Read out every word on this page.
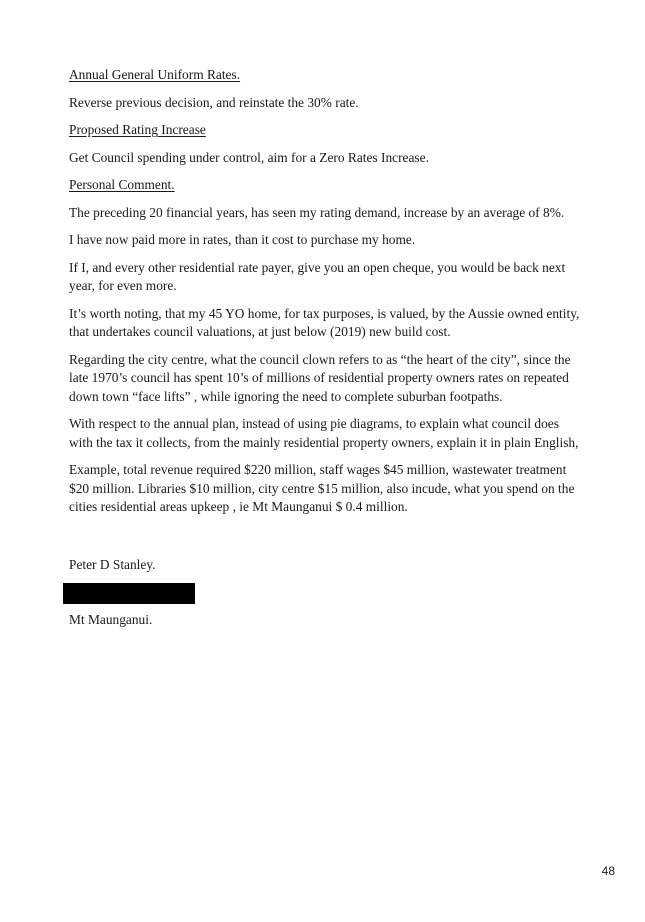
Annual General Uniform Rates.

Reverse previous decision, and reinstate the 30% rate.

Proposed Rating Increase

Get Council spending under control, aim for a Zero Rates Increase.

Personal Comment.

The preceding 20 financial years, has seen my rating demand, increase by an average of 8%.

I have now paid more in rates, than it cost to purchase my home.

If I, and every other residential rate payer, give you an open cheque, you would be back next year, for even more.

It’s worth noting, that my 45 YO home, for tax purposes, is valued, by the Aussie owned entity, that undertakes council valuations, at just below (2019) new build cost.

Regarding the city centre, what the council clown refers to as “the heart of the city”, since the late 1970’s council has spent 10’s of millions of residential property owners rates on repeated down town “face lifts” , while ignoring the need to complete suburban footpaths.

With respect to the annual plan, instead of using pie diagrams, to explain what council does with the tax it collects, from the mainly residential property owners, explain it in plain English,

Example, total revenue required $220 million, staff wages $45 million, wastewater treatment $20 million. Libraries $10 million, city centre $15 million, also incude, what you spend on the cities residential areas upkeep , ie Mt Maunganui $ 0.4 million.

Peter D Stanley.

Mt Maunganui.

48
